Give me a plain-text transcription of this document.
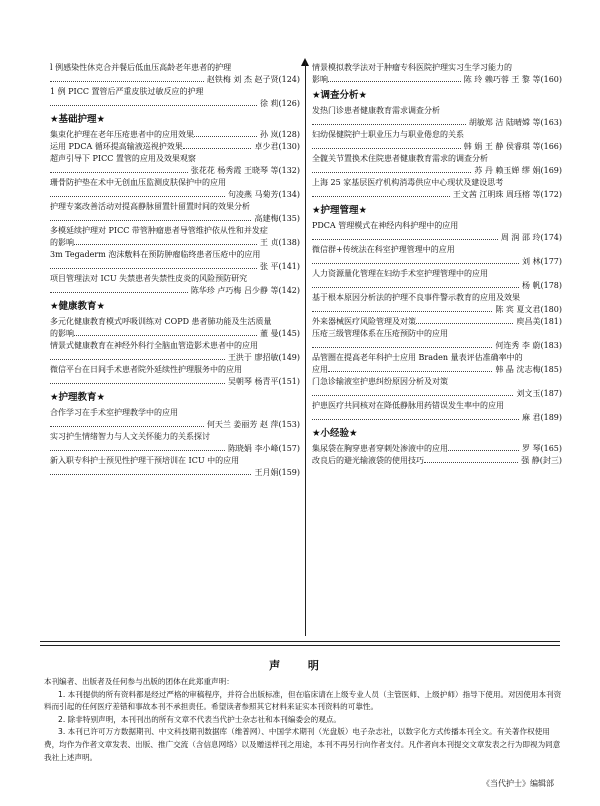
l 例感染性休克合并餐后低血压高龄老年患者的护理
赵铁梅 刘 杰 赵子贤(124)
1 例 PICC 置管后严重皮肤过敏反应的护理
徐 莉(126)
★基础护理★
集束化护理在老年压疮患者中的应用效果	孙 岚(128)
运用 PDCA 循环提高输液巡视护效果	卓少君(130)
超声引导下 PICC 置管的应用及效果观察
张花花 杨秀霞 王晓琴 等(132)
珊骨防护垫在术中无创血压监测皮肤保护中的应用
句凌燕 马菊芳(134)
护理专案改善活动对提高静脉留置针留置时间的效果分析
高建梅(135)
多模延续护理对 PICC 带管肿瘤患者导管维护依从性和并发症
的影响	王 贞(138)
3m Tegaderm 泡沫敷料在预防肿瘤临终患者压疮中的应用
张 平(141)
项目管理法对 ICU 失禁患者失禁性皮炎的风险预防研究
陈华珍 卢巧梅 吕少静 等(142)
★健康教育★
多元化健康教育模式呼吸训练对 COPD 患者肺功能及生活质量
的影响	董 曼(145)
情景式健康教育在神经外科行全脑血管造影术患者中的应用
王洪于 廖招敏(149)
微信平台在日间手术患者院外延续性护理服务中的应用
吴朝琴 杨青平(151)
★护理教育★
合作学习在手术室护理教学中的应用
何天兰 姜丽芳 赵 萍(153)
实习护生情绪智力与人文关怀能力的关系探讨
陈晓娟 李小峰(157)
新入职专科护士预见性护理干预培训在 ICU 中的应用
王月娟(159)
情景模拟教学法对于肿瘤专科医院护理实习生学习能力的
影响	陈 玲 赖巧蓉 王 黎 等(160)
★调查分析★
发热门诊患者健康教育需求调查分析
胡敏郑 洁 陆晴嫦 等(163)
妇幼保健院护士职业压力与职业倦怠的关系
韩 娟 王 静 侯睿琪 等(166)
全髋关节置换术住院患者健康教育需求的调查分析
苏 丹 赖玉婵 缪 娟(169)
上海 25 家基层医疗机构消毒供应中心现状及建设思考
王文茜 江明珠 周珏榕 等(172)
★护理管理★
PDCA 管理模式在神经内科护理中的应用
周 润 邵 玲(174)
微信群+传统法在科室护理管理中的应用
刘 林(177)
人力资源量化管理在妇幼手术室护理管理中的应用
杨 帆(178)
基于根本原因分析法的护理不良事件警示教育的应用及效果
陈 宾 夏文君(180)
外来器械医疗风险管理及对策	庾昌美(181)
压疮三级管理体系在压疮预防中的应用
何连秀 李 蔚(183)
品管圈在提高老年科护士应用 Braden 量表评估准确率中的
应用	韩 晶 沈志梅(185)
门急诊输液室护患纠纷原因分析及对策
刘文玉(187)
护患医疗共同核对在降低静脉用药错误发生率中的应用
麻 君(189)
★小经验★
集尿袋在胸穿患者穿刺处渗液中的应用	罗 琴(165)
改良后的避光输液袋的使用技巧	强 静(封三)
声 明

本刊编者、出版者及任何参与出版的团体在此郑重声明：

1. 本刊提供的所有资料都是经过严格的审稿程序，并符合出版标准，但在临床请在上级专业人员（主管医师、上级护师）指导下使用。对因使用本刊资料而引起的任何医疗差错和事故本刊不承担责任。希望读者参照其它材料来证实本刊资料的可靠性。

2. 除非特别声明，本刊刊出的所有文章不代表当代护士杂志社和本刊编委会的观点。

3. 本刊已许可万方数据期刊、中文科技期刊数据库（维普网）、中国学术期刊（光盘版）电子杂志社，以数字化方式传播本刊全文。有关著作权使用费，均作为作者文章发表、出版、推广交流（含信息网络）以及赠送样刊之用途，本刊不再另行向作者支付。凡作者向本刊提交文章发表之行为即视为同意我社上述声明。

《当代护士》编辑部
